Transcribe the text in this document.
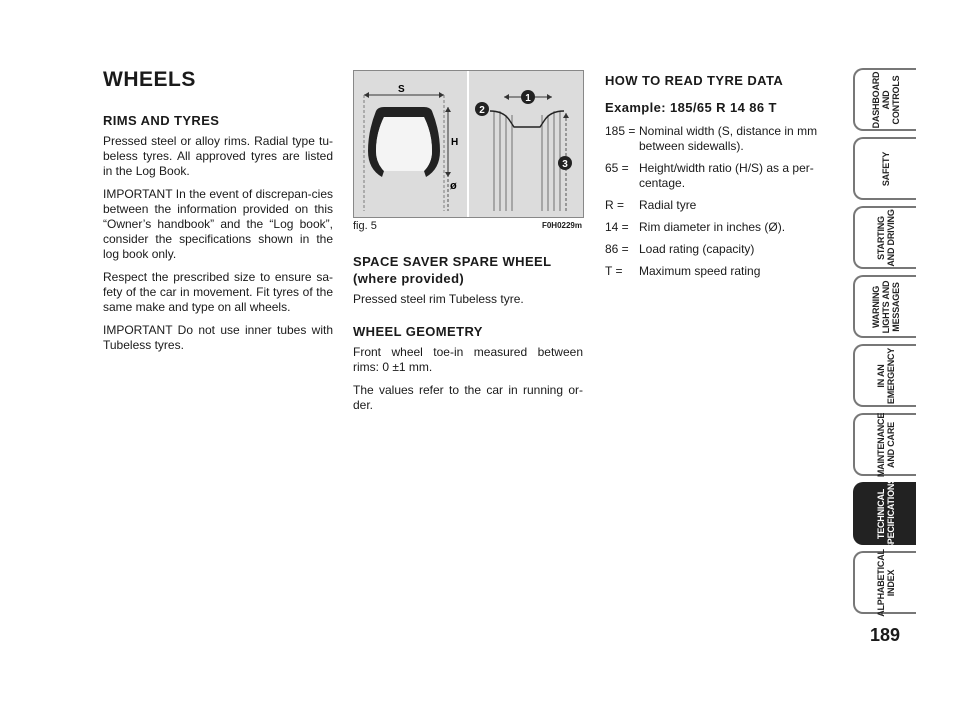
WHEELS
RIMS AND TYRES

Pressed steel or alloy rims. Radial type tu-beless tyres. All approved tyres are listed in the Log Book.

IMPORTANT In the event of discrepan-cies between the information provided on this “Owner’s handbook” and the “Log book”, consider the specifications shown in the log book only.

Respect the prescribed size to ensure sa-fety of the car in movement. Fit tyres of the same make and type on all wheels.

IMPORTANT Do not use inner tubes with Tubeless tyres.

S
H
ø
1
2
3
fig. 5	F0H0229m
SPACE SAVER SPARE WHEEL (where provided)

Pressed steel rim Tubeless tyre.

WHEEL GEOMETRY

Front wheel toe-in measured between rims: 0 ±1 mm.

The values refer to the car in running or-der.

HOW TO READ TYRE DATA
Example: 185/65 R 14 86 T
185 = Nominal width (S, distance in mm between sidewalls).
65 = Height/width ratio (H/S) as a per-centage.
R =	Radial tyre
14 = Rim diameter in inches (Ø).
86 = Load rating (capacity)
T =	Maximum speed rating
DASHBOARD
AND
CONTROLS
SAFETY
STARTING
AND DRIVING
WARNING
LIGHTS AND
MESSAGES
IN AN
EMERGENCY
MAINTENANCE
AND CARE
TECHNICAL
SPECIFICATIONS
ALPHABETICAL
INDEX
189
